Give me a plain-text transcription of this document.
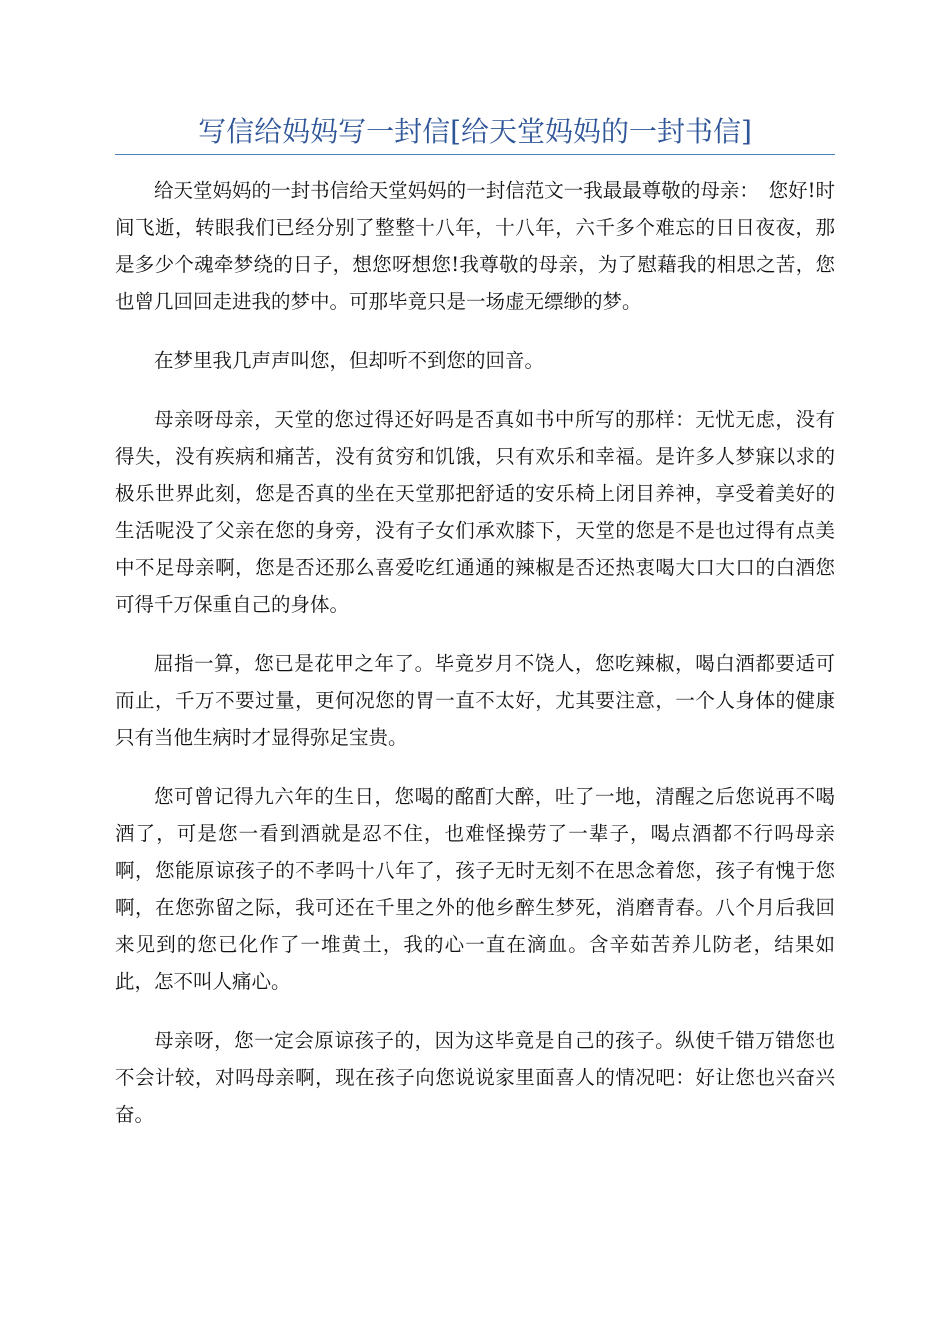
写信给妈妈写一封信[给天堂妈妈的一封书信]

给天堂妈妈的一封书信给天堂妈妈的一封信范文一我最最尊敬的母亲：　您好!时间飞逝，转眼我们已经分别了整整十八年，十八年，六千多个难忘的日日夜夜，那是多少个魂牵梦绕的日子，想您呀想您!我尊敬的母亲，为了慰藉我的相思之苦，您也曾几回回走进我的梦中。可那毕竟只是一场虚无缥缈的梦。

在梦里我几声声叫您，但却听不到您的回音。

母亲呀母亲，天堂的您过得还好吗是否真如书中所写的那样：无忧无虑，没有得失，没有疾病和痛苦，没有贫穷和饥饿，只有欢乐和幸福。是许多人梦寐以求的极乐世界此刻，您是否真的坐在天堂那把舒适的安乐椅上闭目养神，享受着美好的生活呢没了父亲在您的身旁，没有子女们承欢膝下，天堂的您是不是也过得有点美中不足母亲啊，您是否还那么喜爱吃红通通的辣椒是否还热衷喝大口大口的白酒您可得千万保重自己的身体。

屈指一算，您已是花甲之年了。毕竟岁月不饶人，您吃辣椒，喝白酒都要适可而止，千万不要过量，更何况您的胃一直不太好，尤其要注意，一个人身体的健康只有当他生病时才显得弥足宝贵。

您可曾记得九六年的生日，您喝的酩酊大醉，吐了一地，清醒之后您说再不喝酒了，可是您一看到酒就是忍不住，也难怪操劳了一辈子，喝点酒都不行吗母亲啊，您能原谅孩子的不孝吗十八年了，孩子无时无刻不在思念着您，孩子有愧于您啊，在您弥留之际，我可还在千里之外的他乡醉生梦死，消磨青春。八个月后我回来见到的您已化作了一堆黄土，我的心一直在滴血。含辛茹苦养儿防老，结果如此，怎不叫人痛心。

母亲呀，您一定会原谅孩子的，因为这毕竟是自己的孩子。纵使千错万错您也不会计较，对吗母亲啊，现在孩子向您说说家里面喜人的情况吧：好让您也兴奋兴奋。
